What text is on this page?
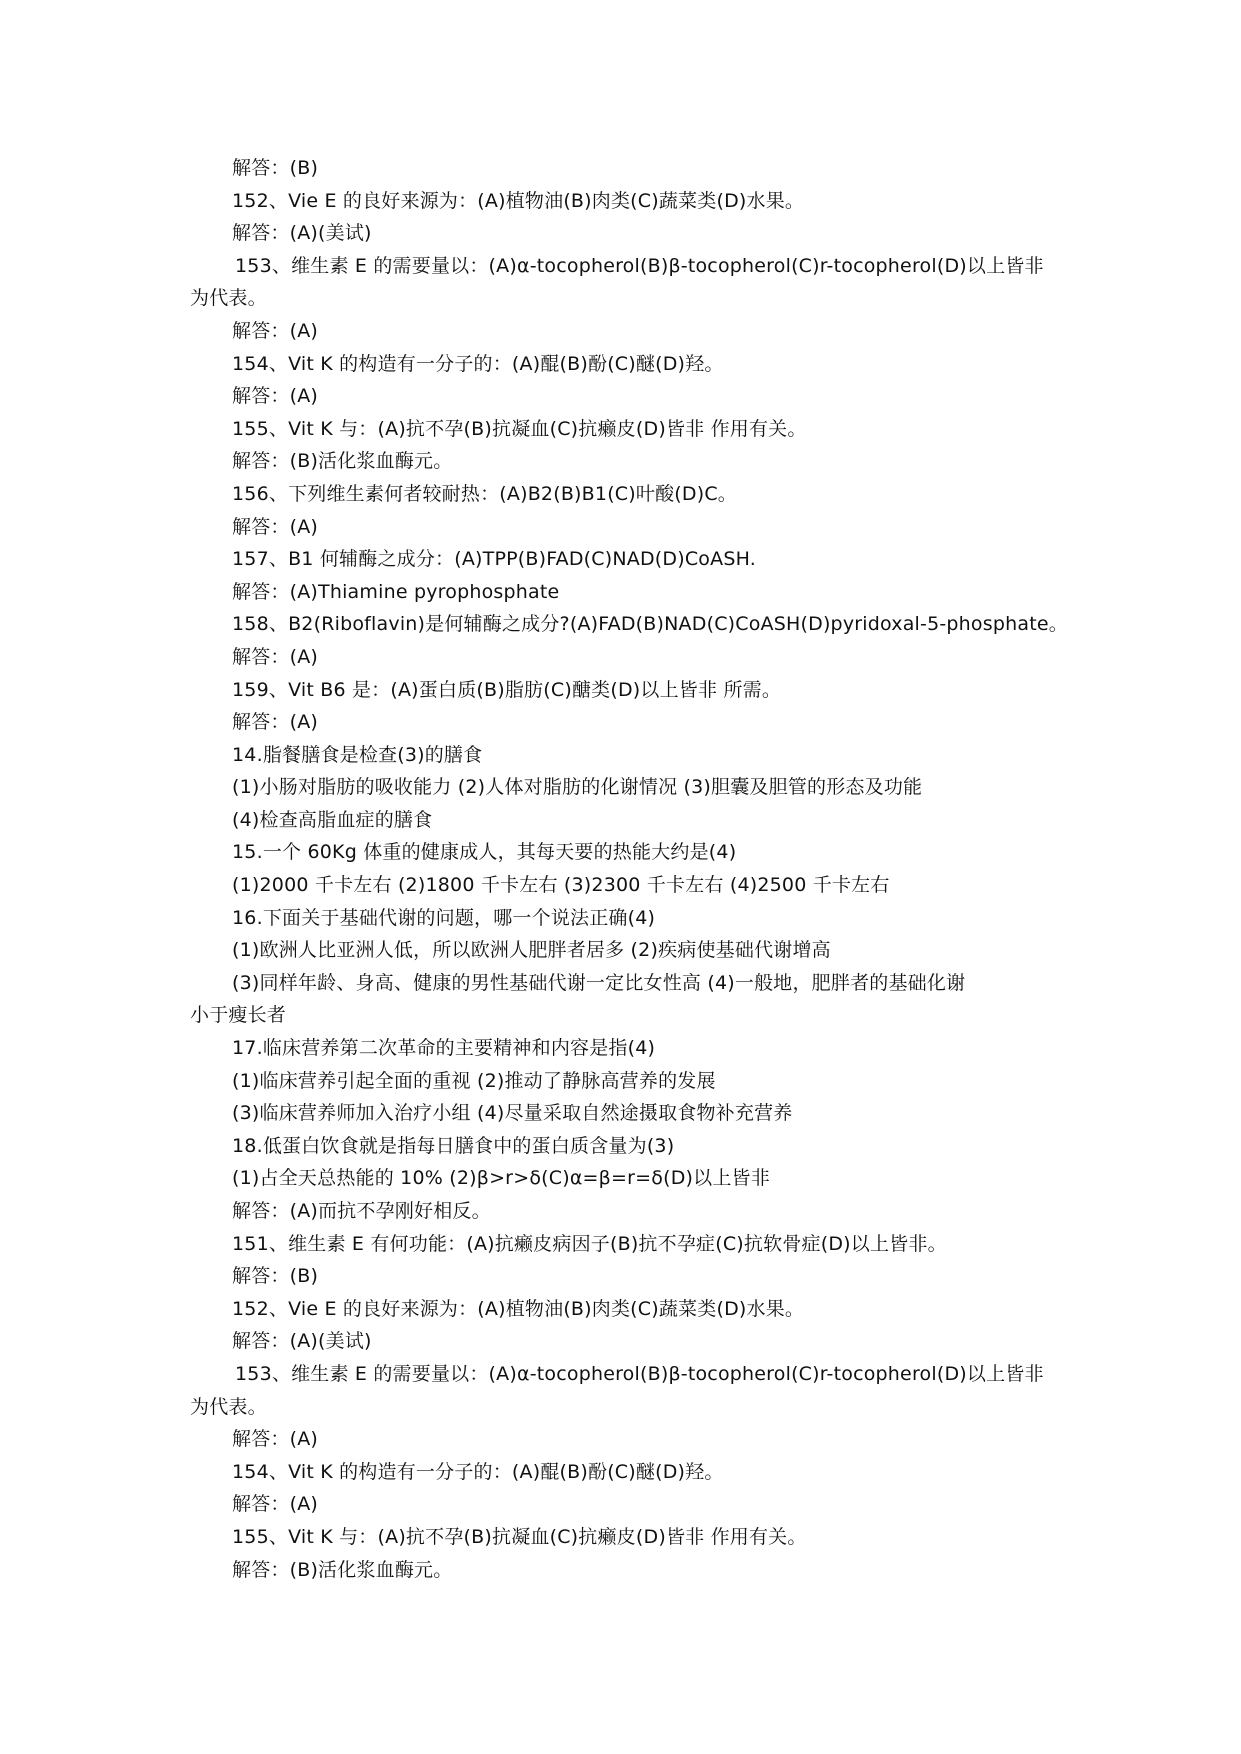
解答：(B)
152、Vie E 的良好来源为：(A)植物油(B)肉类(C)蔬菜类(D)水果。
解答：(A)(美试)
153、维生素 E 的需要量以：(A)α-tocopherol(B)β-tocopherol(C)r-tocopherol(D)以上皆非
为代表。
解答：(A)
154、Vit K 的构造有一分子的：(A)醌(B)酚(C)醚(D)羟。
解答：(A)
155、Vit K 与：(A)抗不孕(B)抗凝血(C)抗癞皮(D)皆非 作用有关。
解答：(B)活化浆血酶元。
156、下列维生素何者较耐热：(A)B2(B)B1(C)叶酸(D)C。
解答：(A)
157、B1 何辅酶之成分：(A)TPP(B)FAD(C)NAD(D)CoASH.
解答：(A)Thiamine pyrophosphate
158、B2(Riboflavin)是何辅酶之成分?(A)FAD(B)NAD(C)CoASH(D)pyridoxal-5-phosphate。
解答：(A)
159、Vit B6 是：(A)蛋白质(B)脂肪(C)醣类(D)以上皆非 所需。
解答：(A)
14.脂餐膳食是检查(3)的膳食
(1)小肠对脂肪的吸收能力 (2)人体对脂肪的化谢情况 (3)胆囊及胆管的形态及功能
(4)检查高脂血症的膳食
15.一个 60Kg 体重的健康成人，其每天要的热能大约是(4)
(1)2000 千卡左右 (2)1800 千卡左右 (3)2300 千卡左右 (4)2500 千卡左右
16.下面关于基础代谢的问题，哪一个说法正确(4)
(1)欧洲人比亚洲人低，所以欧洲人肥胖者居多 (2)疾病使基础代谢增高
(3)同样年龄、身高、健康的男性基础代谢一定比女性高 (4)一般地，肥胖者的基础化谢
小于瘦长者
17.临床营养第二次革命的主要精神和内容是指(4)
(1)临床营养引起全面的重视 (2)推动了静脉高营养的发展
(3)临床营养师加入治疗小组 (4)尽量采取自然途摄取食物补充营养
18.低蛋白饮食就是指每日膳食中的蛋白质含量为(3)
(1)占全天总热能的 10% (2)β>r>δ(C)α=β=r=δ(D)以上皆非
解答：(A)而抗不孕刚好相反。
151、维生素 E 有何功能：(A)抗癞皮病因子(B)抗不孕症(C)抗软骨症(D)以上皆非。
解答：(B)
152、Vie E 的良好来源为：(A)植物油(B)肉类(C)蔬菜类(D)水果。
解答：(A)(美试)
153、维生素 E 的需要量以：(A)α-tocopherol(B)β-tocopherol(C)r-tocopherol(D)以上皆非
为代表。
解答：(A)
154、Vit K 的构造有一分子的：(A)醌(B)酚(C)醚(D)羟。
解答：(A)
155、Vit K 与：(A)抗不孕(B)抗凝血(C)抗癞皮(D)皆非 作用有关。
解答：(B)活化浆血酶元。
